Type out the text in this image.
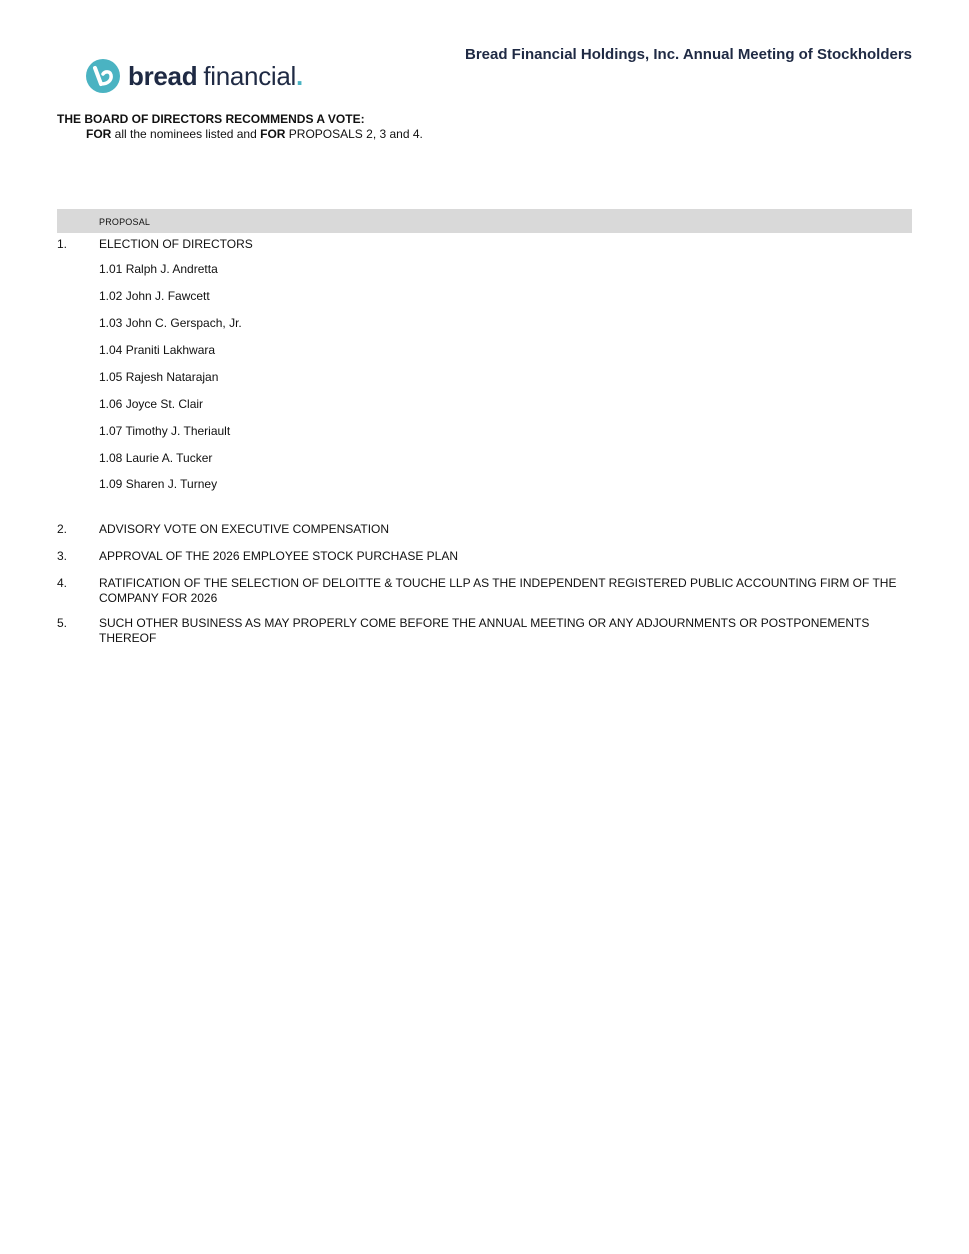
bread financial.
Bread Financial Holdings, Inc. Annual Meeting of Stockholders
THE BOARD OF DIRECTORS RECOMMENDS A VOTE:
FOR all the nominees listed and FOR PROPOSALS 2, 3 and 4.
PROPOSAL
1.	ELECTION OF DIRECTORS
1.01 Ralph J. Andretta
1.02 John J. Fawcett
1.03 John C. Gerspach, Jr.
1.04 Praniti Lakhwara
1.05 Rajesh Natarajan
1.06 Joyce St. Clair
1.07 Timothy J. Theriault
1.08 Laurie A. Tucker
1.09 Sharen J. Turney
2.	ADVISORY VOTE ON EXECUTIVE COMPENSATION
3.	APPROVAL OF THE 2026 EMPLOYEE STOCK PURCHASE PLAN
4.	RATIFICATION OF THE SELECTION OF DELOITTE & TOUCHE LLP AS THE INDEPENDENT REGISTERED PUBLIC ACCOUNTING FIRM OF THE COMPANY FOR 2026
5.	SUCH OTHER BUSINESS AS MAY PROPERLY COME BEFORE THE ANNUAL MEETING OR ANY ADJOURNMENTS OR POSTPONEMENTS THEREOF
